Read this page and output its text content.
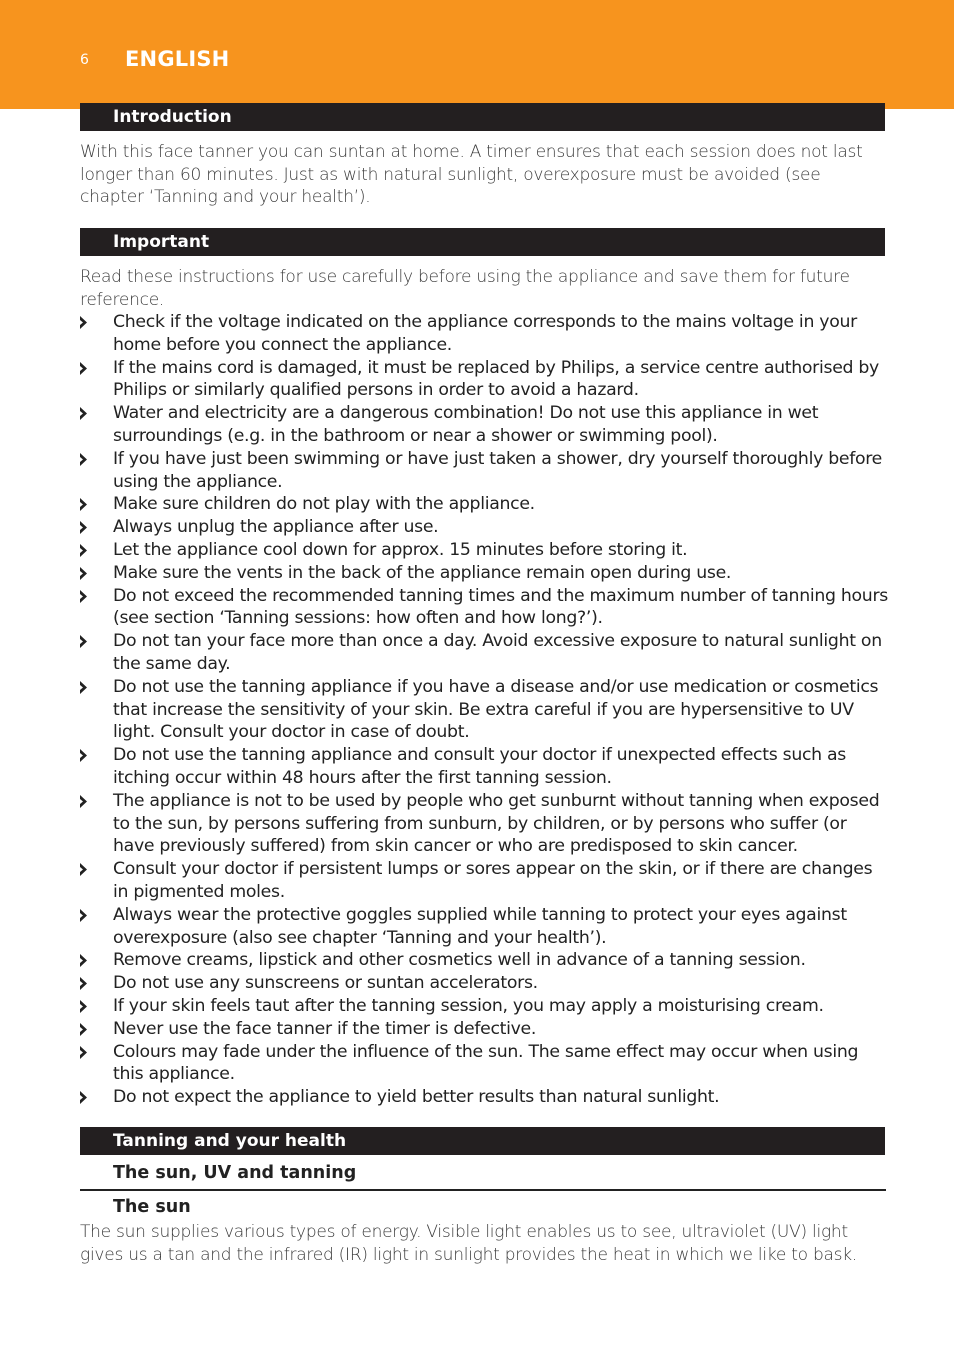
6 ENGLISH
Introduction
With this face tanner you can suntan at home. A timer ensures that each session does not last longer than 60 minutes. Just as with natural sunlight, overexposure must be avoided (see chapter ‘Tanning and your health’).
Important
Read these instructions for use carefully before using the appliance and save them for future reference.
Check if the voltage indicated on the appliance corresponds to the mains voltage in your home before you connect the appliance.
If the mains cord is damaged, it must be replaced by Philips, a service centre authorised by Philips or similarly qualified persons in order to avoid a hazard.
Water and electricity are a dangerous combination! Do not use this appliance in wet surroundings (e.g. in the bathroom or near a shower or swimming pool).
If you have just been swimming or have just taken a shower, dry yourself thoroughly before using the appliance.
Make sure children do not play with the appliance.
Always unplug the appliance after use.
Let the appliance cool down for approx. 15 minutes before storing it.
Make sure the vents in the back of the appliance remain open during use.
Do not exceed the recommended tanning times and the maximum number of tanning hours (see section ‘Tanning sessions: how often and how long?’).
Do not tan your face more than once a day. Avoid excessive exposure to natural sunlight on the same day.
Do not use the tanning appliance if you have a disease and/or use medication or cosmetics that increase the sensitivity of your skin. Be extra careful if you are hypersensitive to UV light. Consult your doctor in case of doubt.
Do not use the tanning appliance and consult your doctor if unexpected effects such as itching occur within 48 hours after the first tanning session.
The appliance is not to be used by people who get sunburnt without tanning when exposed to the sun, by persons suffering from sunburn, by children, or by persons who suffer (or have previously suffered) from skin cancer or who are predisposed to skin cancer.
Consult your doctor if persistent lumps or sores appear on the skin, or if there are changes in pigmented moles.
Always wear the protective goggles supplied while tanning to protect your eyes against overexposure (also see chapter ‘Tanning and your health’).
Remove creams, lipstick and other cosmetics well in advance of a tanning session.
Do not use any sunscreens or suntan accelerators.
If your skin feels taut after the tanning session, you may apply a moisturising cream.
Never use the face tanner if the timer is defective.
Colours may fade under the influence of the sun. The same effect may occur when using this appliance.
Do not expect the appliance to yield better results than natural sunlight.
Tanning and your health
The sun, UV and tanning
The sun
The sun supplies various types of energy. Visible light enables us to see, ultraviolet (UV) light gives us a tan and the infrared (IR) light in sunlight provides the heat in which we like to bask.
